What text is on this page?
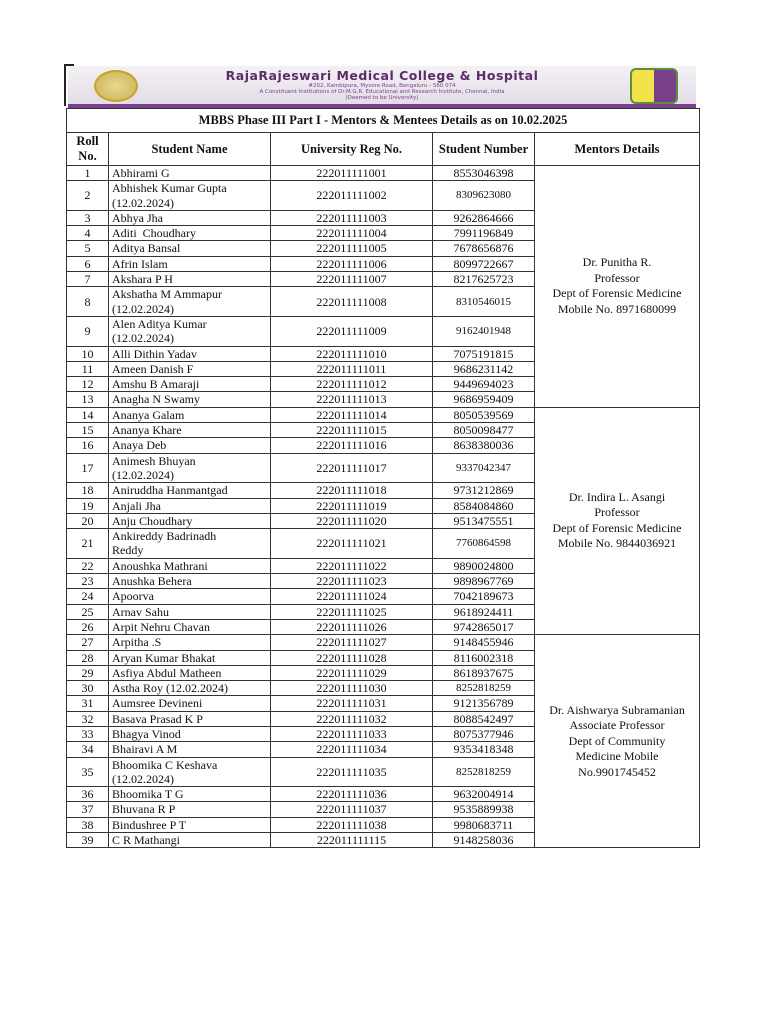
RajaRajeswari Medical College & Hospital
#202, Kambipura, Mysore Road, Bengaluru - 560 074
A Constituent Institutions of Dr.M.G.R. Educational and Research Institute, Chennai, India
(Deemed to be University)
MBBS Phase III Part I - Mentors & Mentees Details as on 10.02.2025				
Roll No.	Student Name	University Reg No.	Student Number	Mentors Details
1	Abhirami G	222011111001	8553046398	Dr. Punitha R.
Professor
Dept of Forensic Medicine
Mobile No. 8971680099

2	Abhishek Kumar Gupta
(12.02.2024)	222011111002	8309623080	
3	Abhya Jha	222011111003	9262864666	
4	Aditi  Choudhary	222011111004	7991196849	
5	Aditya Bansal	222011111005	7678656876	
6	Afrin Islam	222011111006	8099722667	
7	Akshara P H	222011111007	8217625723	
8	Akshatha M Ammapur
(12.02.2024)	222011111008	8310546015	
9	Alen Aditya Kumar
(12.02.2024)	222011111009	9162401948	
10	Alli Dithin Yadav	222011111010	7075191815	
11	Ameen Danish F	222011111011	9686231142	
12	Amshu B Amaraji	222011111012	9449694023	
13	Anagha N Swamy	222011111013	9686959409	
14	Ananya Galam	222011111014	8050539569	Dr. Indira L. Asangi
Professor
Dept of Forensic Medicine
Mobile No. 9844036921

15	Ananya Khare	222011111015	8050098477	
16	Anaya Deb	222011111016	8638380036	
17	Animesh Bhuyan
(12.02.2024)	222011111017	9337042347	
18	Aniruddha Hanmantgad	222011111018	9731212869	
19	Anjali Jha	222011111019	8584084860	
20	Anju Choudhary	222011111020	9513475551	
21	Ankireddy Badrinadh
Reddy	222011111021	7760864598	
22	Anoushka Mathrani	222011111022	9890024800	
23	Anushka Behera	222011111023	9898967769	
24	Apoorva	222011111024	7042189673	
25	Arnav Sahu	222011111025	9618924411	
26	Arpit Nehru Chavan	222011111026	9742865017	
27	Arpitha .S	222011111027	9148455946	Dr. Aishwarya Subramanian
Associate Professor
Dept of Community
Medicine Mobile
No.9901745452

28	Aryan Kumar Bhakat	222011111028	8116002318	
29	Asfiya Abdul Matheen	222011111029	8618937675	
30	Astha Roy (12.02.2024)	222011111030	8252818259	
31	Aumsree Devineni	222011111031	9121356789	
32	Basava Prasad K P	222011111032	8088542497	
33	Bhagya Vinod	222011111033	8075377946	
34	Bhairavi A M	222011111034	9353418348	
35	Bhoomika C Keshava
(12.02.2024)	222011111035	8252818259	
36	Bhoomika T G	222011111036	9632004914	
37	Bhuvana R P	222011111037	9535889938	
38	Bindushree P T	222011111038	9980683711	
39	C R Mathangi	222011111115	9148258036	
